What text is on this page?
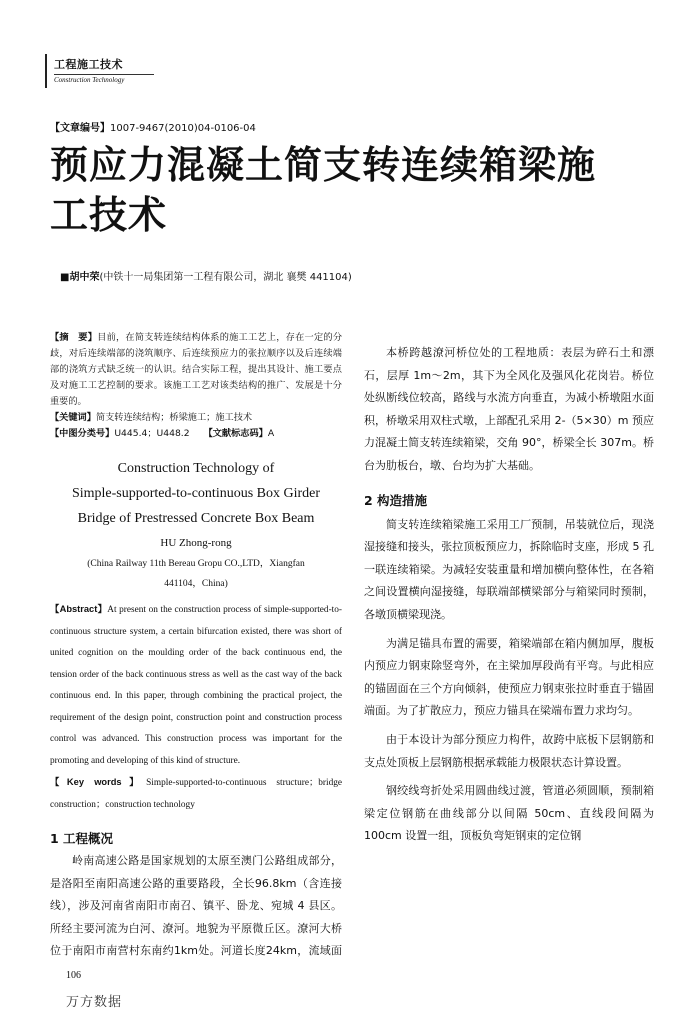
工程施工技术
Construction Technology
【文章编号】1007-9467(2010)04-0106-04
预应力混凝土简支转连续箱梁施工技术
■胡中荣(中铁十一局集团第一工程有限公司，湖北 襄樊 441104)
【摘　要】目前，在简支转连续结构体系的施工工艺上，存在一定的分歧，对后连续端部的浇筑顺序、后连续预应力的张拉顺序以及后连续端部的浇筑方式缺乏统一的认识。结合实际工程，提出其设计、施工要点及对施工工艺控制的要求。该施工工艺对该类结构的推广、发展是十分重要的。
【关键词】简支转连续结构；桥梁施工；施工技术
【中图分类号】U445.4；U448.2 【文献标志码】A
Construction Technology of
Simple-supported-to-continuous Box Girder
Bridge of Prestressed Concrete Box Beam
HU Zhong-rong
(China Railway 11th Bereau Gropu CO.,LTD，Xiangfan
441104，China)
【Abstract】At present on the construction process of simple-supported-to-continuous structure system, a certain bifurcation existed, there was short of united cognition on the moulding order of the back continuous end, the tension order of the back continuous stress as well as the cast way of the back continuous end. In this paper, through combining the practical project, the requirement of the design point, construction point and construction process control was advanced. This construction process was important for the promoting and developing of this kind of structure.
【Key words】Simple-supported-to-continuous structure；bridge construction；construction technology
1 工程概况
岭南高速公路是国家规划的太原至澳门公路组成部分，是洛阳至南阳高速公路的重要路段，全长96.8km（含连接线），涉及河南省南阳市南召、镇平、卧龙、宛城 4 县区。所经主要河流为白河、潦河。地貌为平原微丘区。潦河大桥位于南阳市南营村东南约1km处。河道长度24km，流域面
106
万方数据
本桥跨越潦河桥位处的工程地质：表层为碎石土和漂石，层厚 1m～2m，其下为全风化及强风化花岗岩。桥位处纵断线位较高，路线与水流方向垂直，为减小桥墩阻水面积，桥墩采用双柱式墩，上部配孔采用 2-（5×30）m 预应力混凝土简支转连续箱梁，交角 90°，桥梁全长 307m。桥台为肋板台，墩、台均为扩大基础。
2 构造措施
简支转连续箱梁施工采用工厂预制，吊装就位后，现浇湿接缝和接头，张拉顶板预应力，拆除临时支座，形成 5 孔一联连续箱梁。为减轻安装重量和增加横向整体性，在各箱之间设置横向湿接缝，每联端部横梁部分与箱梁同时预制，各墩顶横梁现浇。
为满足锚具布置的需要，箱梁端部在箱内侧加厚，腹板内预应力钢束除竖弯外，在主梁加厚段尚有平弯。与此相应的锚固面在三个方向倾斜，使预应力钢束张拉时垂直于锚固端面。为了扩散应力，预应力锚具在梁端布置力求均匀。
由于本设计为部分预应力构件，故跨中底板下层钢筋和支点处顶板上层钢筋根据承载能力极限状态计算设置。
钢绞线弯折处采用圆曲线过渡，管道必须圆顺，预制箱梁定位钢筋在曲线部分以间隔 50cm、直线段间隔为 100cm 设置一组，顶板负弯矩钢束的定位钢
